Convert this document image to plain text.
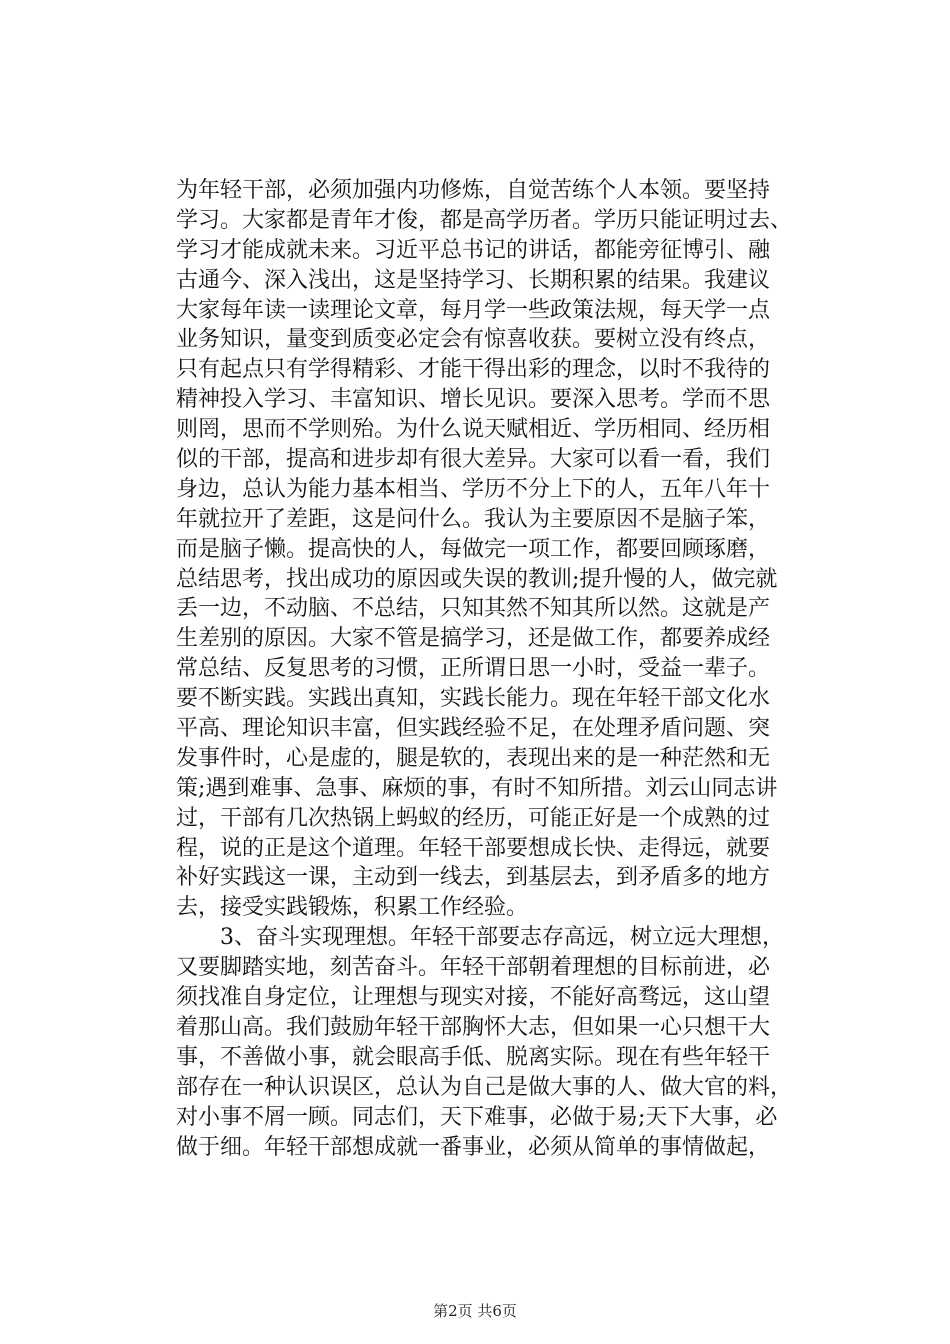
为年轻干部，必须加强内功修炼，自觉苦练个人本领。要坚持
学习。大家都是青年才俊，都是高学历者。学历只能证明过去、
学习才能成就未来。习近平总书记的讲话，都能旁征博引、融
古通今、深入浅出，这是坚持学习、长期积累的结果。我建议
大家每年读一读理论文章，每月学一些政策法规，每天学一点
业务知识，量变到质变必定会有惊喜收获。要树立没有终点，
只有起点只有学得精彩、才能干得出彩的理念，以时不我待的
精神投入学习、丰富知识、增长见识。要深入思考。学而不思
则罔，思而不学则殆。为什么说天赋相近、学历相同、经历相
似的干部，提高和进步却有很大差异。大家可以看一看，我们
身边，总认为能力基本相当、学历不分上下的人，五年八年十
年就拉开了差距，这是问什么。我认为主要原因不是脑子笨，
而是脑子懒。提高快的人，每做完一项工作，都要回顾琢磨，
总结思考，找出成功的原因或失误的教训;提升慢的人，做完就
丢一边，不动脑、不总结，只知其然不知其所以然。这就是产
生差别的原因。大家不管是搞学习，还是做工作，都要养成经
常总结、反复思考的习惯，正所谓日思一小时，受益一辈子。
要不断实践。实践出真知，实践长能力。现在年轻干部文化水
平高、理论知识丰富，但实践经验不足，在处理矛盾问题、突
发事件时，心是虚的，腿是软的，表现出来的是一种茫然和无
策;遇到难事、急事、麻烦的事，有时不知所措。刘云山同志讲
过，干部有几次热锅上蚂蚁的经历，可能正好是一个成熟的过
程，说的正是这个道理。年轻干部要想成长快、走得远，就要
补好实践这一课，主动到一线去，到基层去，到矛盾多的地方
去，接受实践锻炼，积累工作经验。
　　3、奋斗实现理想。年轻干部要志存高远，树立远大理想，
又要脚踏实地，刻苦奋斗。年轻干部朝着理想的目标前进，必
须找准自身定位，让理想与现实对接，不能好高骛远，这山望
着那山高。我们鼓励年轻干部胸怀大志，但如果一心只想干大
事，不善做小事，就会眼高手低、脱离实际。现在有些年轻干
部存在一种认识误区，总认为自己是做大事的人、做大官的料，
对小事不屑一顾。同志们，天下难事，必做于易;天下大事，必
做于细。年轻干部想成就一番事业，必须从简单的事情做起，
第2页 共6页
